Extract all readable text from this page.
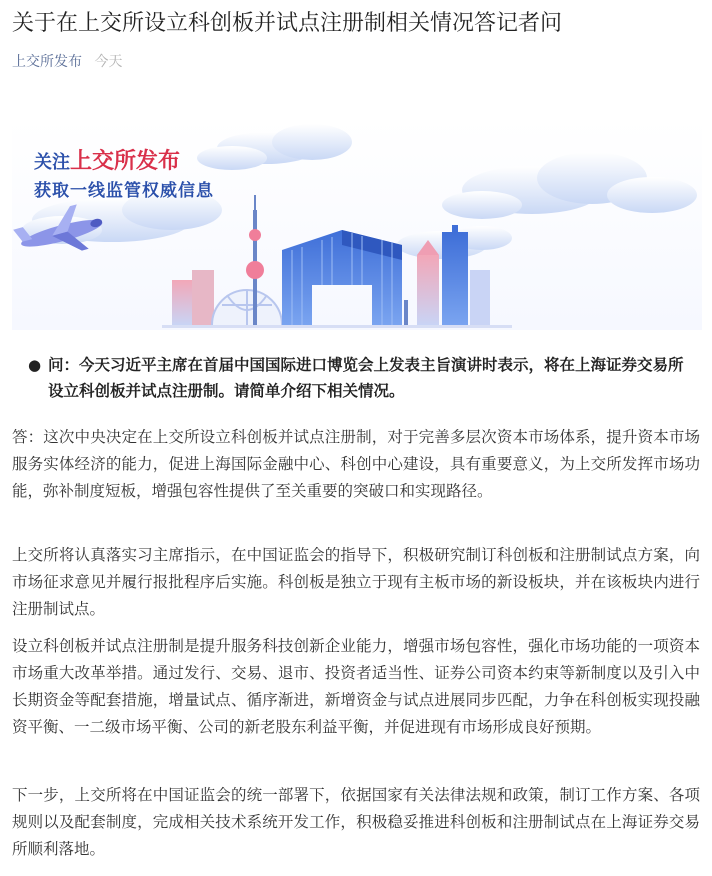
关于在上交所设立科创板并试点注册制相关情况答记者问
上交所发布 今天
关注上交所发布
获取一线监管权威信息
● 问：今天习近平主席在首届中国国际进口博览会上发表主旨演讲时表示，将在上海证券交易所设立科创板并试点注册制。请简单介绍下相关情况。

答：这次中央决定在上交所设立科创板并试点注册制，对于完善多层次资本市场体系，提升资本市场服务实体经济的能力，促进上海国际金融中心、科创中心建设，具有重要意义，为上交所发挥市场功能，弥补制度短板，增强包容性提供了至关重要的突破口和实现路径。

上交所将认真落实习主席指示，在中国证监会的指导下，积极研究制订科创板和注册制试点方案，向市场征求意见并履行报批程序后实施。科创板是独立于现有主板市场的新设板块，并在该板块内进行注册制试点。

设立科创板并试点注册制是提升服务科技创新企业能力，增强市场包容性，强化市场功能的一项资本市场重大改革举措。通过发行、交易、退市、投资者适当性、证券公司资本约束等新制度以及引入中长期资金等配套措施，增量试点、循序渐进，新增资金与试点进展同步匹配，力争在科创板实现投融资平衡、一二级市场平衡、公司的新老股东利益平衡，并促进现有市场形成良好预期。

下一步，上交所将在中国证监会的统一部署下，依据国家有关法律法规和政策，制订工作方案、各项规则以及配套制度，完成相关技术系统开发工作，积极稳妥推进科创板和注册制试点在上海证券交易所顺利落地。
